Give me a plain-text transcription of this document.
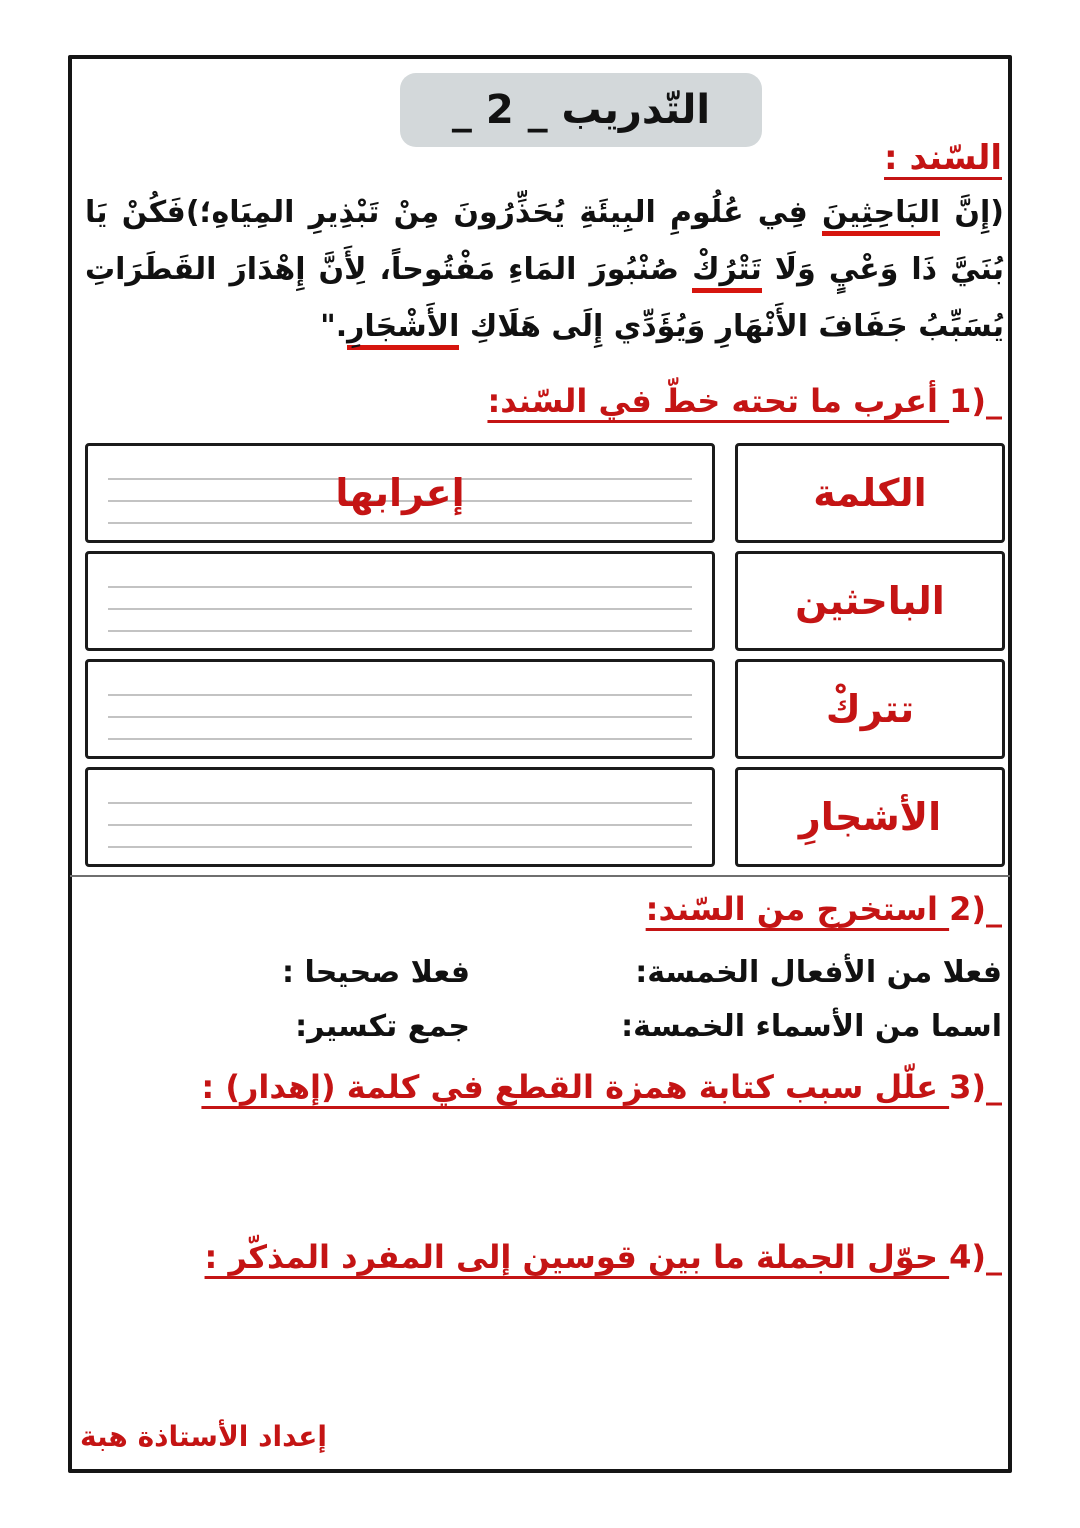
التّدريب _ 2 _
السّند :
(إِنَّ البَاحِثِينَ فِي عُلُومِ البِيئَةِ يُحَذِّرُونَ مِنْ تَبْذِيرِ المِيَاهِ؛)فَكُنْ يَا
بُنَيَّ ذَا وَعْيٍ وَلَا تَتْرُكْ صُنْبُورَ المَاءِ مَفْتُوحاً، لِأَنَّ إِهْدَارَ القَطَرَاتِ
يُسَبِّبُ جَفَافَ الأَنْهَارِ وَيُؤَدِّي إِلَى هَلَاكِ الأَشْجَارِ."
1)_ أعرب ما تحته خطّ في السّند:
الكلمة
إعرابها
الباحثين
تتركْ
الأشجارِ
2)_ استخرج من السّند:
فعلا من الأفعال الخمسة:
فعلا صحيحا :
اسما من الأسماء الخمسة:
جمع تكسير:
3)_ علّل سبب كتابة همزة القطع في كلمة (إهدار) :
4)_ حوّل الجملة ما بين قوسين إلى المفرد المذكّر :
إعداد الأستاذة هبة
